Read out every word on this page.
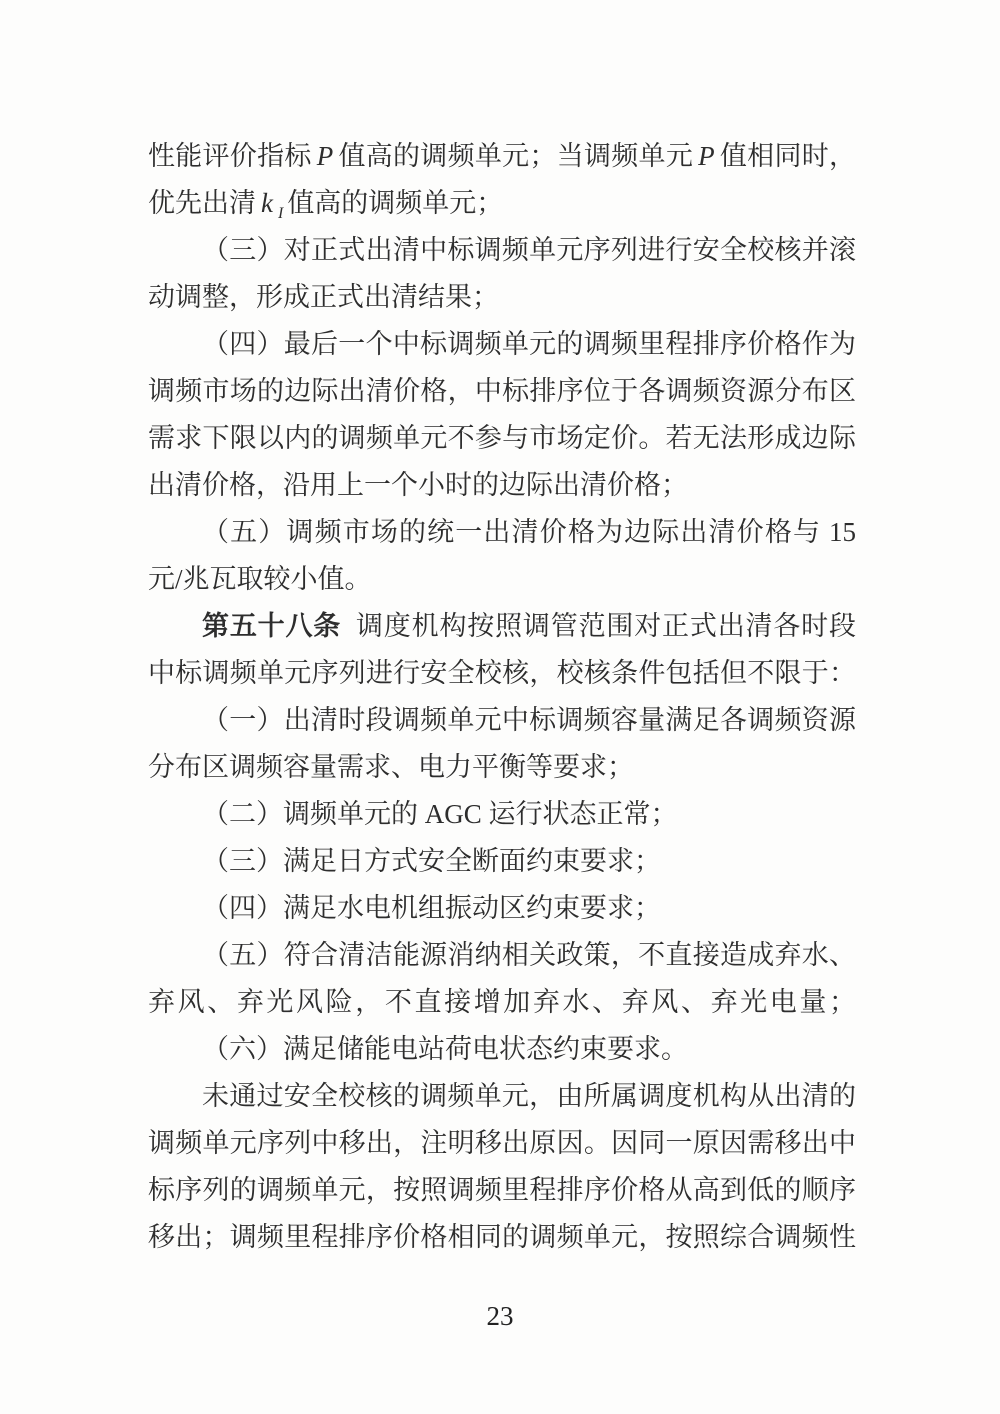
性能评价指标 P 值高的调频单元；当调频单元 P 值相同时，
优先出清 k $_I$ 值高的调频单元；
（三）对正式出清中标调频单元序列进行安全校核并滚
动调整，形成正式出清结果；
（四）最后一个中标调频单元的调频里程排序价格作为
调频市场的边际出清价格，中标排序位于各调频资源分布区
需求下限以内的调频单元不参与市场定价。若无法形成边际
出清价格，沿用上一个小时的边际出清价格；
（五）调频市场的统一出清价格为边际出清价格与 15
元/兆瓦取较小值。
第五十八条 调度机构按照调管范围对正式出清各时段
中标调频单元序列进行安全校核，校核条件包括但不限于：
（一）出清时段调频单元中标调频容量满足各调频资源
分布区调频容量需求、电力平衡等要求；
（二）调频单元的 AGC 运行状态正常；
（三）满足日方式安全断面约束要求；
（四）满足水电机组振动区约束要求；
（五）符合清洁能源消纳相关政策，不直接造成弃水、
弃风、弃光风险，不直接增加弃水、弃风、弃光电量；
（六）满足储能电站荷电状态约束要求。
未通过安全校核的调频单元，由所属调度机构从出清的
调频单元序列中移出，注明移出原因。因同一原因需移出中
标序列的调频单元，按照调频里程排序价格从高到低的顺序
移出；调频里程排序价格相同的调频单元，按照综合调频性
23
